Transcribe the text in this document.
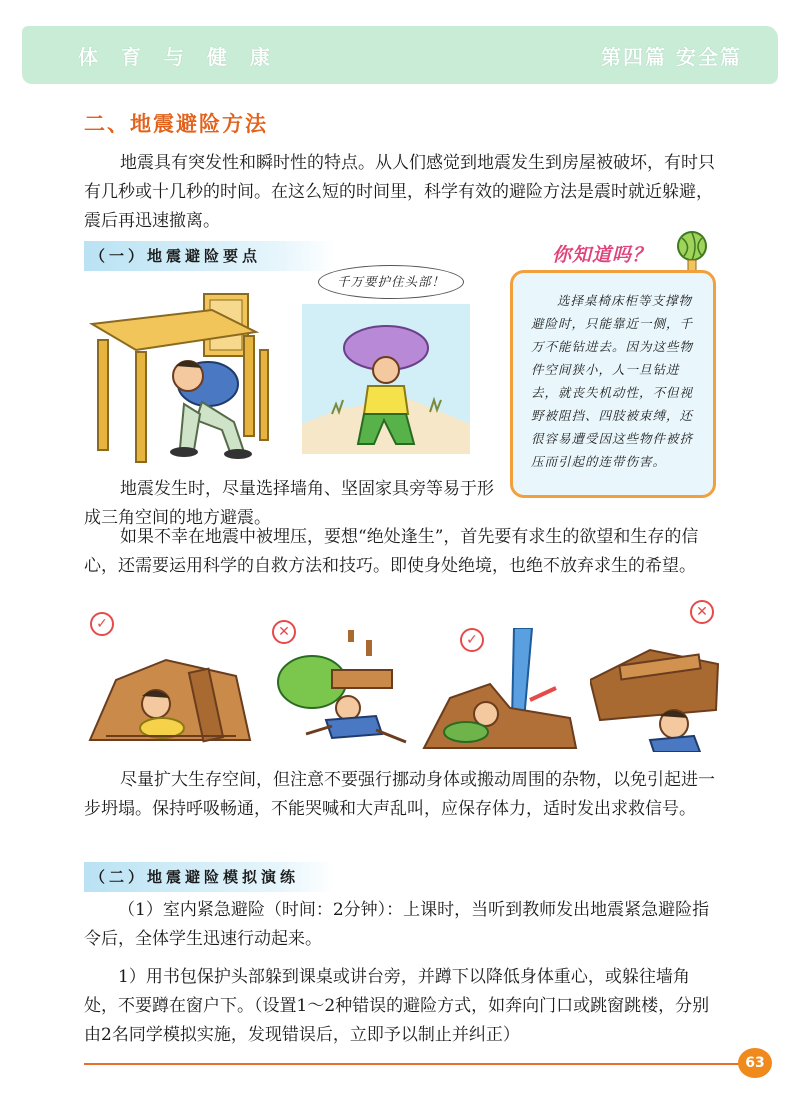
体 育 与 健 康	第四篇 安全篇
二、地震避险方法

地震具有突发性和瞬时性的特点。从人们感觉到地震发生到房屋被破坏，有时只有几秒或十几秒的时间。在这么短的时间里，科学有效的避险方法是震时就近躲避，震后再迅速撤离。

（一）地震避险要点
千万要护住头部！
你知道吗？
选择桌椅床柜等支撑物避险时，只能靠近一侧，千万不能钻进去。因为这些物件空间狭小，人一旦钻进去，就丧失机动性，不但视野被阻挡、四肢被束缚，还很容易遭受因这些物件被挤压而引起的连带伤害。

地震发生时，尽量选择墙角、坚固家具旁等易于形成三角空间的地方避震。

如果不幸在地震中被埋压，要想“绝处逢生”，首先要有求生的欲望和生存的信心，还需要运用科学的自救方法和技巧。即使身处绝境，也绝不放弃求生的希望。

✓	✕	✓
✕

尽量扩大生存空间，但注意不要强行挪动身体或搬动周围的杂物，以免引起进一步坍塌。保持呼吸畅通，不能哭喊和大声乱叫，应保存体力，适时发出求救信号。

（二）地震避险模拟演练

（1）室内紧急避险（时间：2分钟）：上课时，当听到教师发出地震紧急避险指令后，全体学生迅速行动起来。

1）用书包保护头部躲到课桌或讲台旁，并蹲下以降低身体重心，或躲往墙角处，不要蹲在窗户下。（设置1～2种错误的避险方式，如奔向门口或跳窗跳楼，分别由2名同学模拟实施，发现错误后，立即予以制止并纠正）

63
